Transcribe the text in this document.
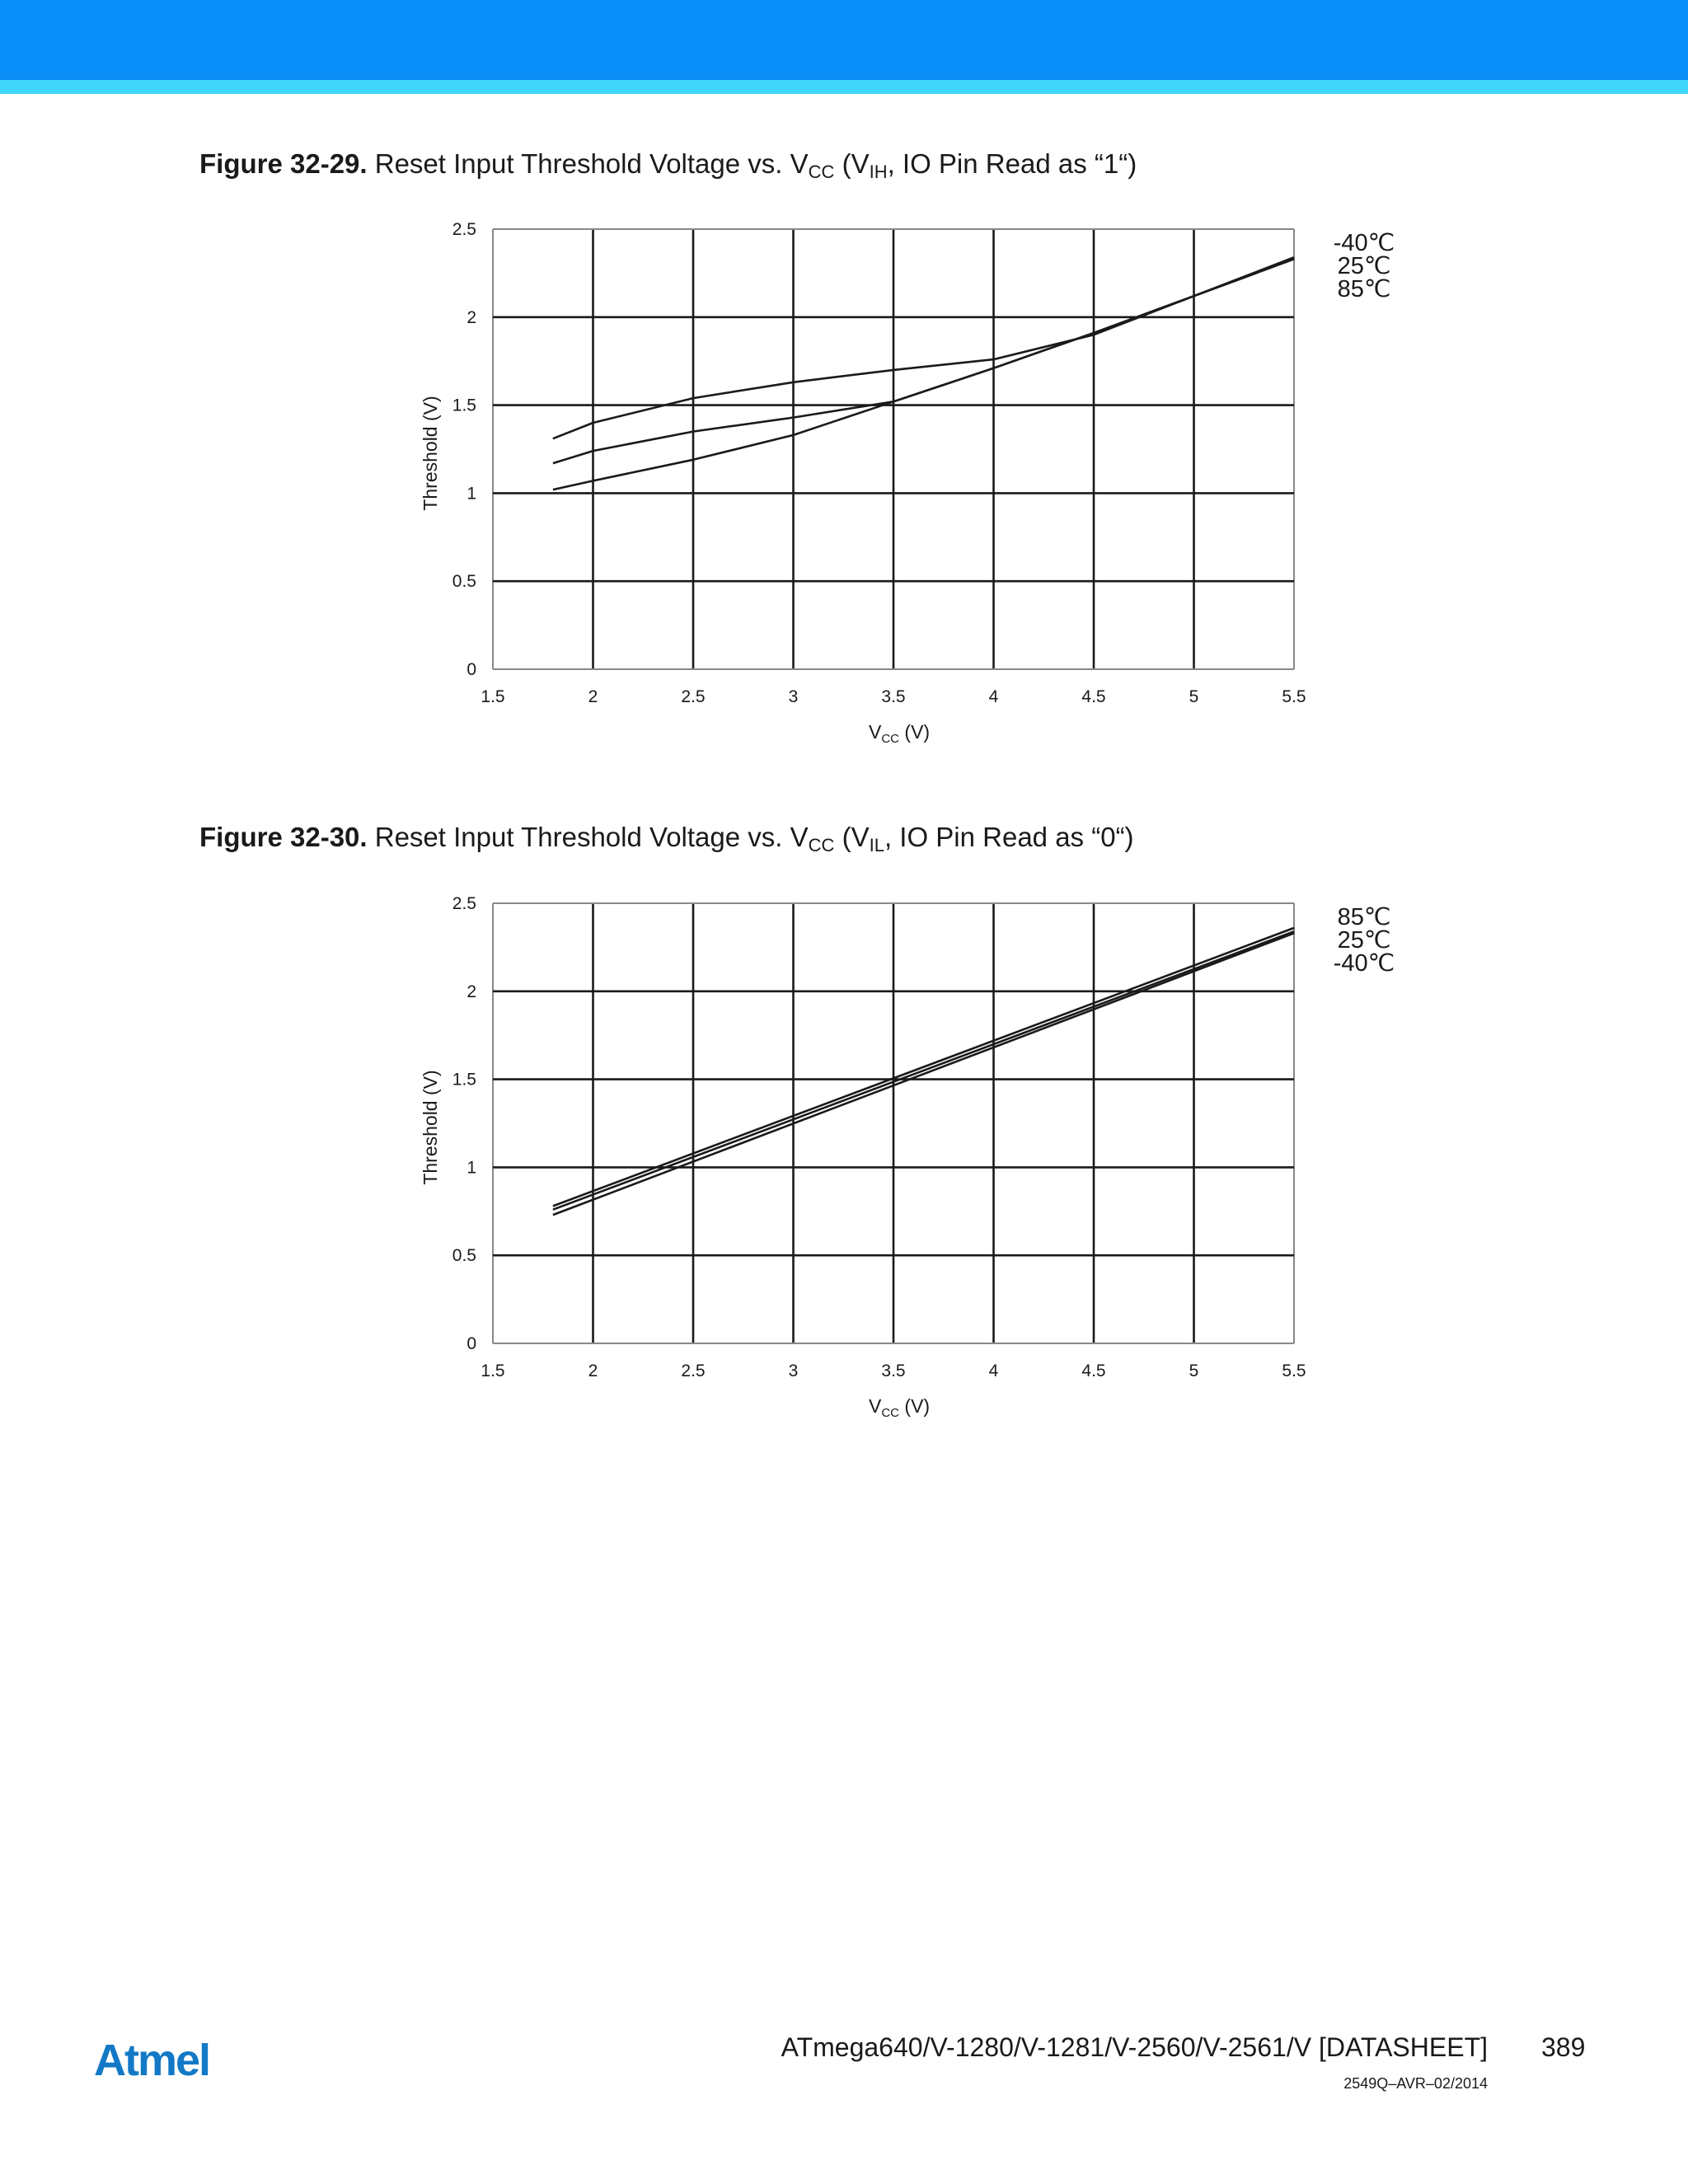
Figure 32-29. Reset Input Threshold Voltage vs. $V_{CC}$ ($V_{IH}$, IO Pin Read as “1“)
1.5	2	2.5	3	3.5	4	4.5	5	5.5
0
0.5
1
1.5
2
2.5
$V_{CC}$ (V)
Threshold (V)
-40℃
25℃
85℃
Figure 32-30. Reset Input Threshold Voltage vs. $V_{CC}$ ($V_{IL}$, IO Pin Read as “0“)
1.5	2	2.5	3	3.5	4	4.5	5	5.5
0
0.5
1
1.5
2
2.5
$V_{CC}$ (V)
Threshold (V)
85℃
25℃
-40℃
Atmel	ATmega640/V-1280/V-1281/V-2560/V-2561/V [DATASHEET] 389
2549Q–AVR–02/2014
